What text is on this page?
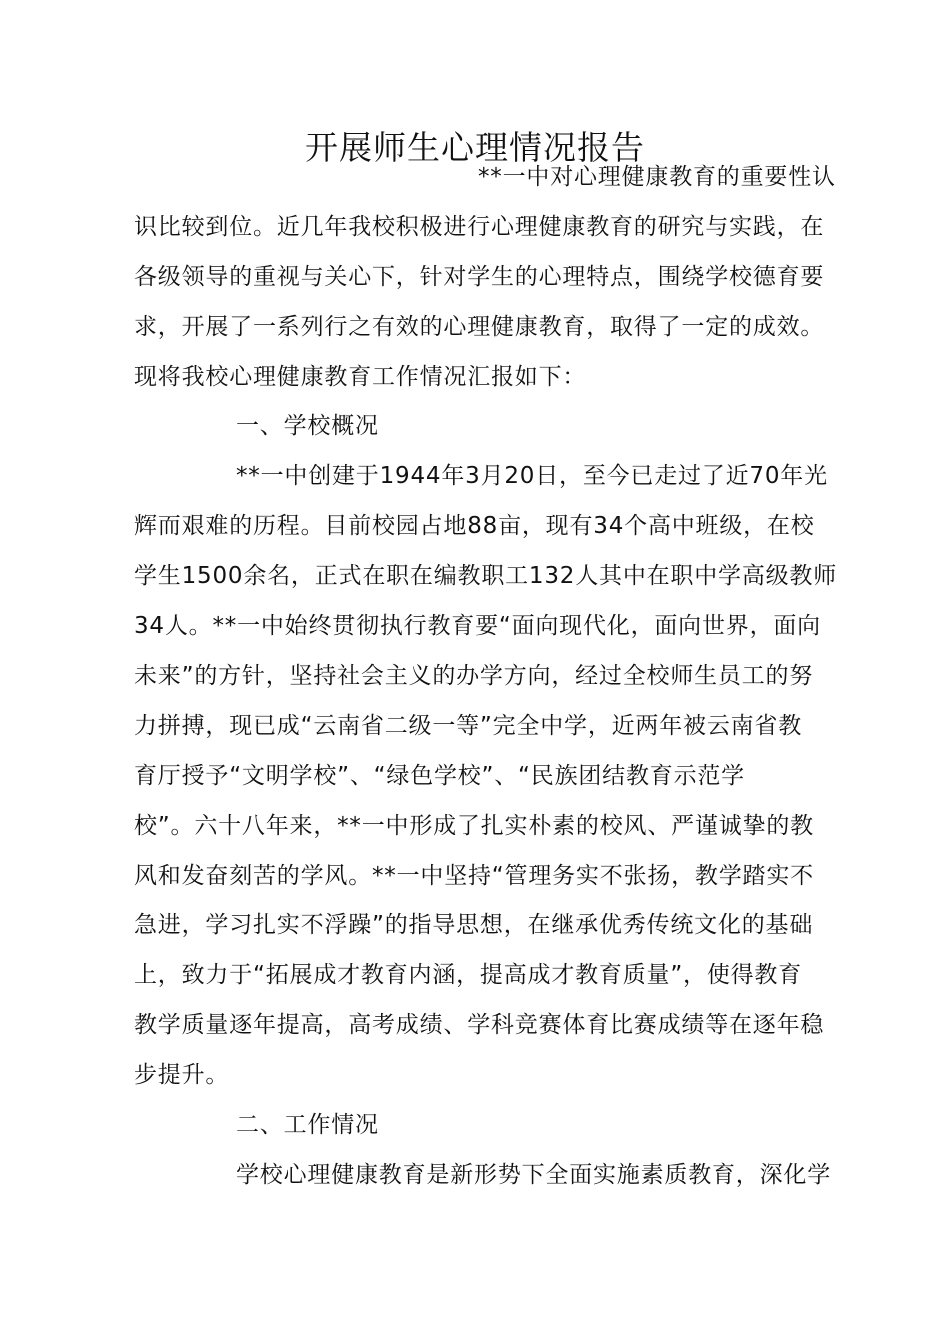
开展师生心理情况报告
**一中对心理健康教育的重要性认
识比较到位。近几年我校积极进行心理健康教育的研究与实践，在
各级领导的重视与关心下，针对学生的心理特点，围绕学校德育要
求，开展了一系列行之有效的心理健康教育，取得了一定的成效。
现将我校心理健康教育工作情况汇报如下：
一、学校概况
**一中创建于1944年3月20日，至今已走过了近70年光
辉而艰难的历程。目前校园占地88亩，现有34个高中班级，在校
学生1500余名，正式在职在编教职工132人其中在职中学高级教师
34人。**一中始终贯彻执行教育要“面向现代化，面向世界，面向
未来”的方针，坚持社会主义的办学方向，经过全校师生员工的努
力拼搏，现已成“云南省二级一等”完全中学，近两年被云南省教
育厅授予“文明学校”、“绿色学校”、“民族团结教育示范学
校”。六十八年来，**一中形成了扎实朴素的校风、严谨诚挚的教
风和发奋刻苦的学风。**一中坚持“管理务实不张扬，教学踏实不
急进，学习扎实不浮躁”的指导思想，在继承优秀传统文化的基础
上，致力于“拓展成才教育内涵，提高成才教育质量”，使得教育
教学质量逐年提高，高考成绩、学科竞赛体育比赛成绩等在逐年稳
步提升。
二、工作情况
学校心理健康教育是新形势下全面实施素质教育，深化学
